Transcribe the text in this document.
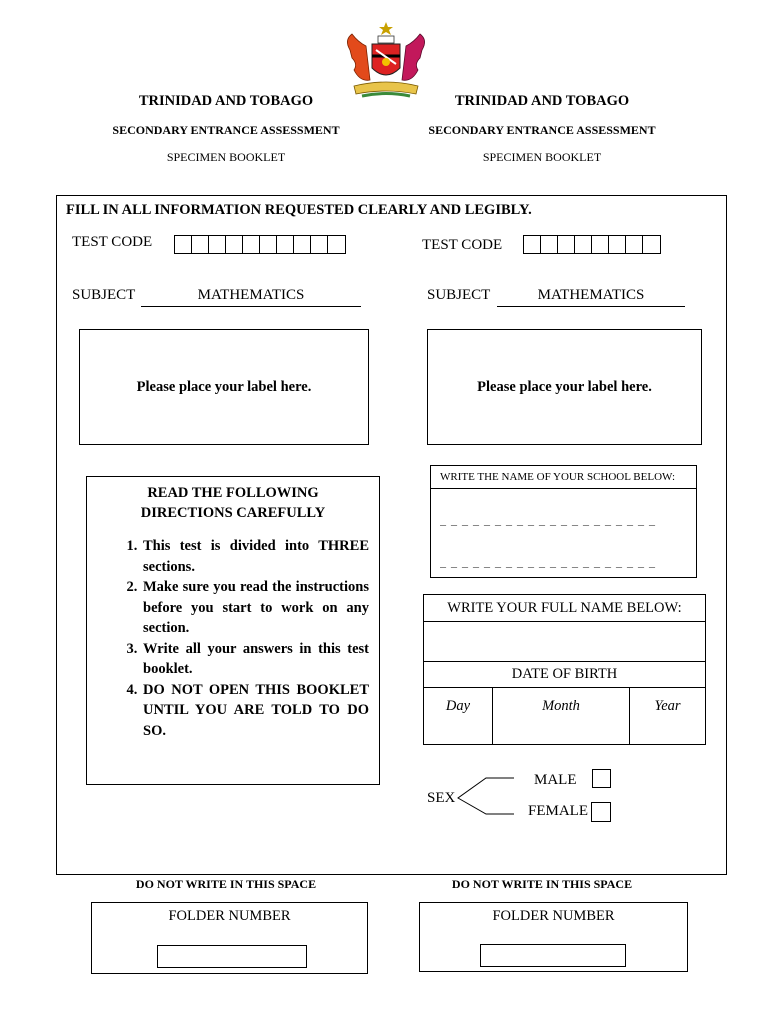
TRINIDAD AND TOBAGO
SECONDARY ENTRANCE ASSESSMENT
SPECIMEN BOOKLET
TRINIDAD AND TOBAGO
SECONDARY ENTRANCE ASSESSMENT
SPECIMEN BOOKLET
FILL IN ALL INFORMATION REQUESTED CLEARLY AND LEGIBLY.
TEST CODE	TEST CODE
SUBJECT	MATHEMATICS	SUBJECT	MATHEMATICS
Please place your label here.	Please place your label here.
READ THE FOLLOWING
DIRECTIONS CAREFULLY
1. This test is divided into THREE sections.
2. Make sure you read the instructions before you start to work on any section.
3. Write all your answers in this test booklet.
4. DO NOT OPEN THIS BOOKLET UNTIL YOU ARE TOLD TO DO SO.
WRITE THE NAME OF YOUR SCHOOL BELOW:
_ _ _ _ _ _ _ _ _ _ _ _ _ _ _ _ _ _ _ _
_ _ _ _ _ _ _ _ _ _ _ _ _ _ _ _ _ _ _ _
WRITE YOUR FULL NAME BELOW:
DATE OF BIRTH
Day	Month	Year
SEX
MALE
FEMALE
DO NOT WRITE IN THIS SPACE	DO NOT WRITE IN THIS SPACE
FOLDER NUMBER	FOLDER NUMBER
